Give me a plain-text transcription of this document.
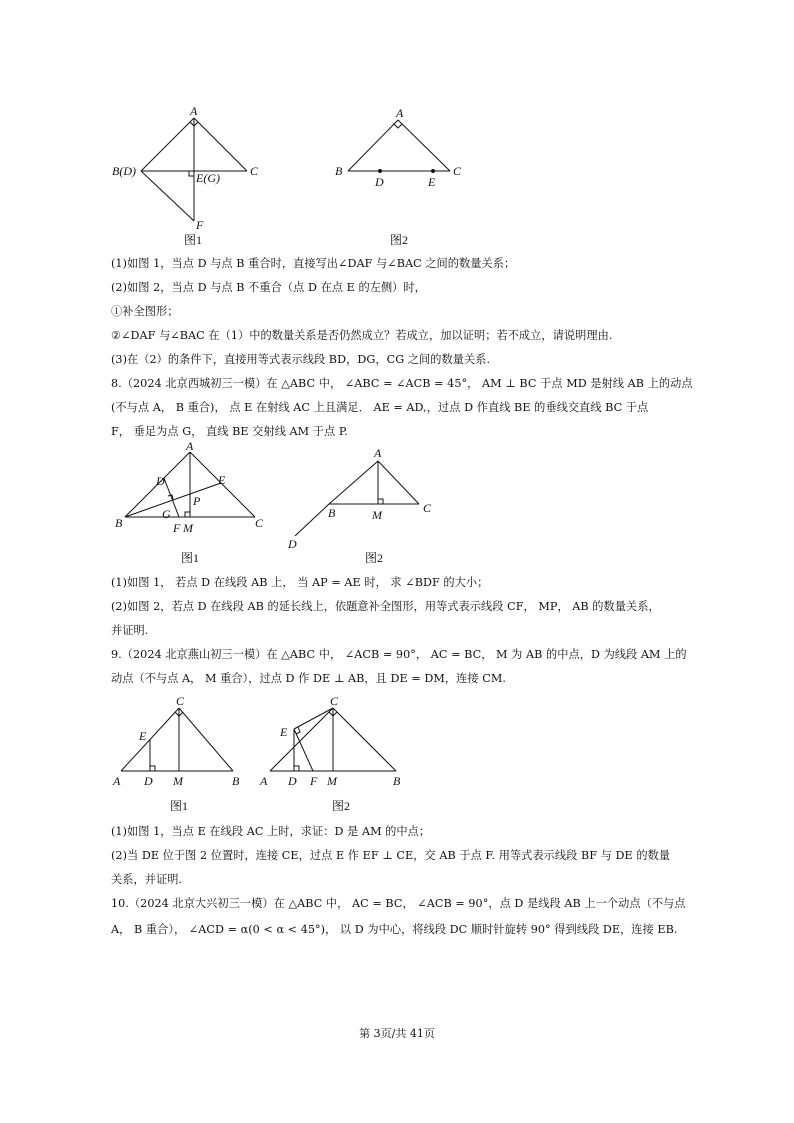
A
B(D)	C
E(G)
F
图1
A
B	C
D	E
图2
(1)如图 1，当点 D 与点 B 重合时，直接写出∠DAF 与∠BAC 之间的数量关系；
(2)如图 2，当点 D 与点 B 不重合（点 D 在点 E 的左侧）时，
①补全图形；
②∠DAF 与∠BAC 在（1）中的数量关系是否仍然成立？若成立，加以证明；若不成立，请说明理由.
(3)在（2）的条件下，直接用等式表示线段 BD，DG，CG 之间的数量关系.
8.（2024 北京西城初三一模）在 △ABC 中， ∠ABC = ∠ACB = 45°， AM ⊥ BC 于点 MD 是射线 AB 上的动点
(不与点 A， B 重合)， 点 E 在射线 AC 上且满足． AE = AD,，过点 D 作直线 BE 的垂线交直线 BC 于点
F， 垂足为点 G， 直线 BE 交射线 AM 于点 P.
A
B	C
D	E
G
P
F M
图1
A
B	C
D
M
图2
(1)如图 1， 若点 D 在线段 AB 上， 当 AP = AE 时， 求 ∠BDF 的大小；
(2)如图 2，若点 D 在线段 AB 的延长线上，依题意补全图形，用等式表示线段 CF， MP， AB 的数量关系，
并证明.
9.（2024 北京燕山初三一模）在 △ABC 中， ∠ACB = 90°， AC = BC， M 为 AB 的中点，D 为线段 AM 上的
动点（不与点 A， M 重合），过点 D 作 DE ⊥ AB，且 DE = DM，连接 CM.
C
E
A D M	B
图1
C
E
A D F M	B
图2
(1)如图 1，当点 E 在线段 AC 上时，求证：D 是 AM 的中点；
(2)当 DE 位于图 2 位置时，连接 CE，过点 E 作 EF ⊥ CE，交 AB 于点 F. 用等式表示线段 BF 与 DE 的数量
关系，并证明.
10.（2024 北京大兴初三一模）在 △ABC 中， AC = BC， ∠ACB = 90°，点 D 是线段 AB 上一个动点（不与点
A， B 重合）， ∠ACD = α(0 < α < 45°)， 以 D 为中心，将线段 DC 顺时针旋转 90° 得到线段 DE，连接 EB.
第 3页/共 41页
